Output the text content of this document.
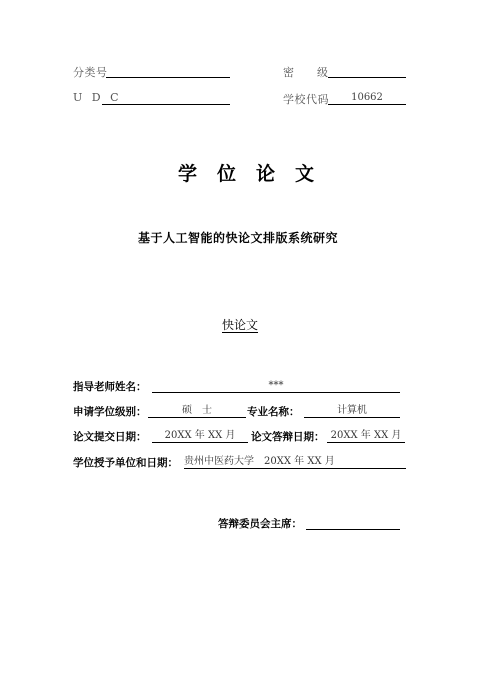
分类号	密　级
U D C	学校代码	10662
学位论文
基于人工智能的快论文排版系统研究
快论文
指导老师姓名：	***
申请学位级别：	硕　士	专业名称：	计算机
论文提交日期：	20XX 年 XX 月	论文答辩日期： 20XX 年 XX 月
学位授予单位和日期： 贵州中医药大学　20XX 年 XX 月
答辩委员会主席：
